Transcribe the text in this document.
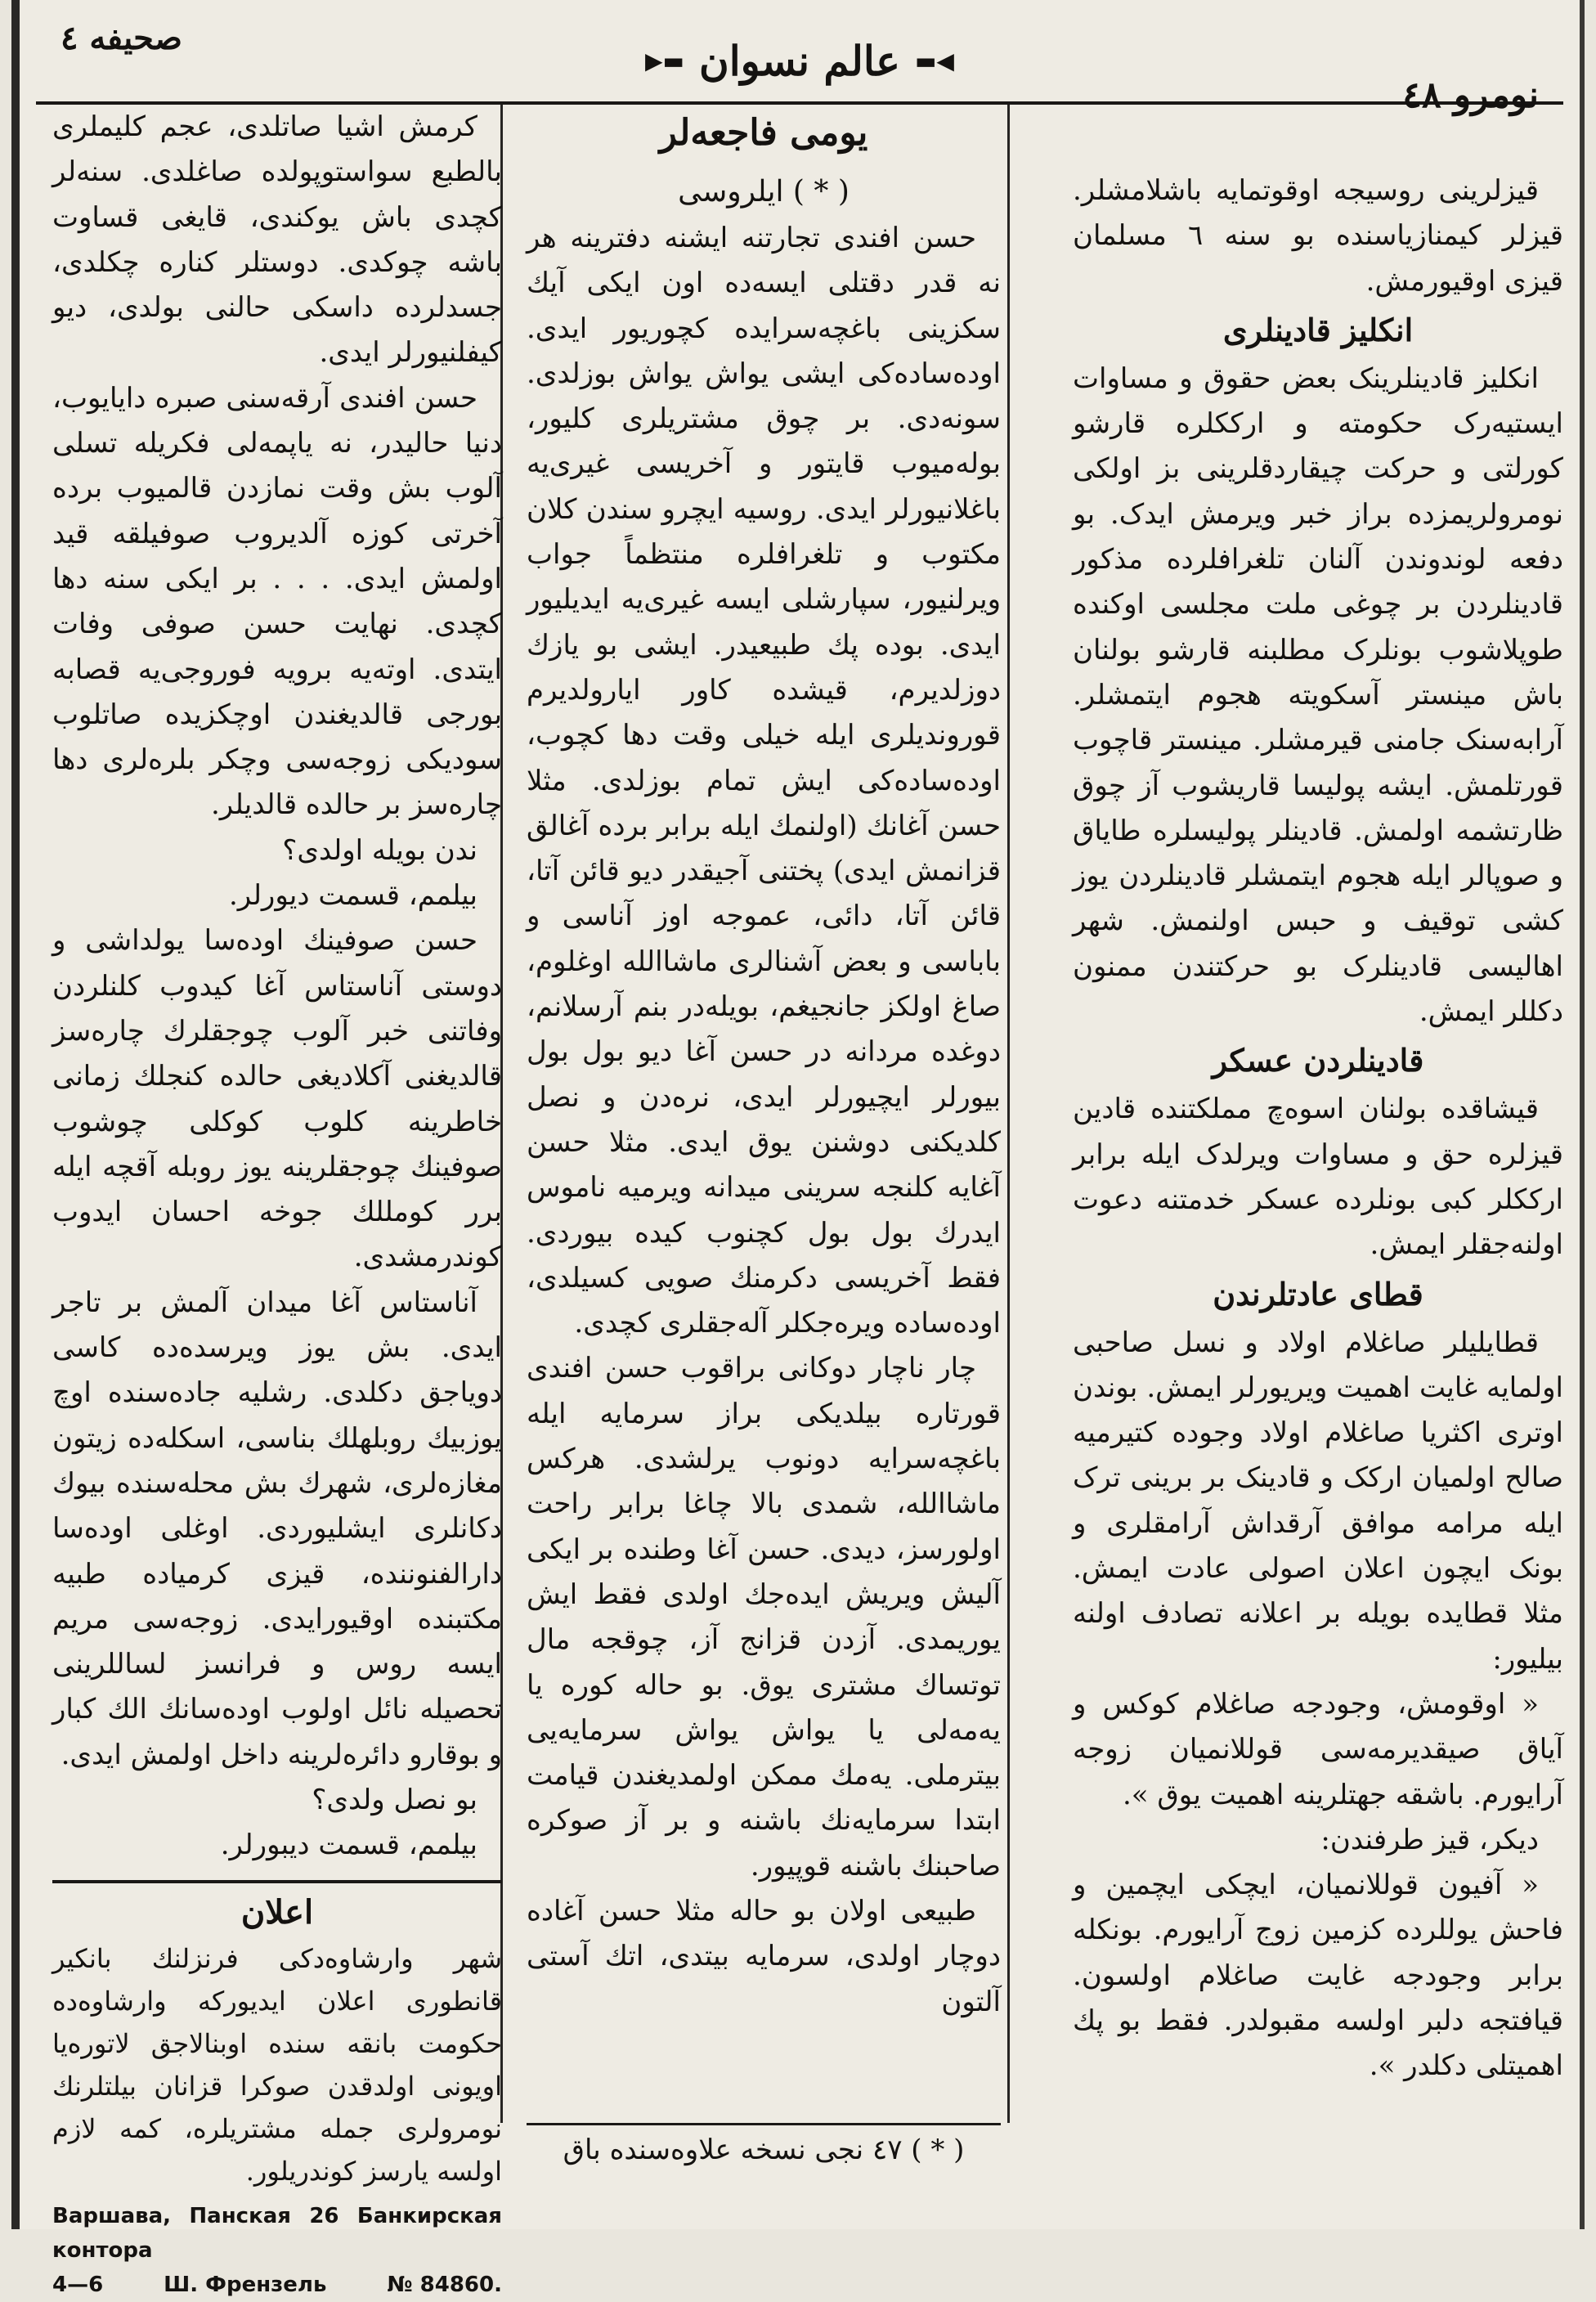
نومرو ٤٨
◀▬
عالم نسوان
▬▶
صحیفه ٤

قیزلرینی روسیجه اوقوتمایه باشلامشلر. قیزلر کیمنازیاسنده بو سنه ٦ مسلمان قیزی اوقیورمش.

انکلیز قادینلری

انکلیز قادینلرینک بعض حقوق و مساوات ایستیه‌رک حکومته و ارککلره قارشو کورلتی و حرکت چیقاردقلرینی بز اولکی نومرولریمزده براز خبر ویرمش ایدک. بو دفعه لوندوندن آلنان تلغرافلرده مذکور قادینلردن بر چوغی ملت مجلسی اوکنده طوپلاشوب بونلرک مطلبنه قارشو بولنان باش مینستر آسکویته هجوم ایتمشلر. آرابه‌سنک جامنی قیرمشلر. مینستر قاچوب قورتلمش. ایشه پولیسا قاریشوب آز چوق ظارتشمه اولمش. قادینلر پولیسلره طایاق و صوپالر ایله هجوم ایتمشلر قادینلردن یوز کشی توقیف و حبس اولنمش. شهر اهالیسی قادینلرک بو حرکتندن ممنون دکللر ایمش.

قادینلردن عسکر

قیشاقده بولنان اسوه‌چ مملکتنده قادین قیزلره حق و مساوات ویرلدک ایله برابر ارککلر کبی بونلرده عسکر خدمتنه دعوت اولنه‌جقلر ایمش.

قطای عادتلرندن

قطایلیلر صاغلام اولاد و نسل صاحبی اولمایه غایت اهمیت ویریورلر ایمش. بوندن اوتری اکثریا صاغلام اولاد وجوده کتیرمیه صالح اولمیان ارکک و قادینک بر برینی ترک ایله مرامه موافق آرقداش آرامقلری و بونک ایچون اعلان اصولی عادت ایمش. مثلا قطایده بویله بر اعلانه تصادف اولنه بیلیور:

« اوقومش، وجودجه صاغلام کوکس و آیاق صیقدیرمه‌سی قوللانمیان زوجه آرایورم. باشقه جهتلرینه اهمیت یوق ».

دیکر، قیز طرفندن:

« آفیون قوللانمیان، ایچکی ایچمین و فاحش یوللرده کزمین زوج آرایورم. بونکله برابر وجودجه غایت صاغلام اولسون. قیافتجه دلبر اولسه مقبولدر. فقط بو پك اهمیتلی دکلدر ».

یومی فاجعه‌لر
( * ) ایلروسی

حسن افندی تجارتنه ایشنه دفترینه هر نه قدر دقتلی ایسه‌ده اون ایکی آیك سکزینی باغچه‌سرایده کچوریور ایدی. اوده‌ساده‌کی ایشی یواش یواش بوزلدی. سونه‌دی. بر چوق مشتریلری کلیور، بوله‌میوب قایتور و آخریسی غیری‌یه باغلانیورلر ایدی. روسیه ایچرو سندن کلان مکتوب و تلغرافلره منتظماً جواب ویرلنیور، سپارشلی ایسه غیری‌یه ایدیلیور ایدی. بوده پك طبیعیدر. ایشی بو یازك دوزلدیرم، قیشده کاور ایارولدیرم قوروندیلری ایله خیلی وقت دها کچوب، اوده‌ساده‌کی ایش تمام بوزلدی. مثلا حسن آغانك (اولنمك ایله برابر برده آغالق قزانمش ایدی) پختنی آجیقدر دیو قائن آتا، قائن آتا، دائی، عموجه اوز آناسی و باباسی و بعض آشنالری ماشاالله اوغلوم، صاغ اولکز جانجیغم، بویله‌در بنم آرسلانم، دوغده مردانه در حسن آغا دیو بول بول بیورلر ایچیورلر ایدی، نره‌دن و نصل کلدیکنی دوشنن یوق ایدی. مثلا حسن آغایه کلنجه سرینی میدانه ویرمیه ناموس ایدرك بول بول کچنوب کیده بیوردی. فقط آخریسی دکرمنك صویی کسیلدی، اوده‌ساده ویره‌جکلر آله‌جقلری کچدی.

چار ناچار دوکانی براقوب حسن افندی قورتاره بیلدیکی براز سرمایه ایله باغچه‌سرایه دونوب یرلشدی. هرکس ماشاالله، شمدی بالا چاغا برابر راحت اولورسز، دیدی. حسن آغا وطنده بر ایکی آلیش ویریش ایده‌جك اولدی فقط ایش یوریمدی. آزدن قزانج آز، چوقجه مال توتساك مشتری یوق. بو حاله کوره یا یه‌مه‌لی یا یواش یواش سرمایه‌یی بیترملی. یه‌مك ممکن اولمدیغندن قیامت ابتدا سرمایه‌نك باشنه و بر آز صوکره صاحبنك باشنه قوپیور.

طبیعی اولان بو حاله مثلا حسن آغاده دوچار اولدی، سرمایه بیتدی، اتك آستی آلتون

( * ) ٤٧ نجی نسخه علاوه‌سنده باق

کرمش اشیا صاتلدی، عجم کلیملری بالطبع سواستوپولده صاغلدی. سنه‌لر کچدی باش یوکندی، قایغی قساوت باشه چوکدی. دوستلر کناره چکلدی، جسدلرده داسکی حالنی بولدی، دیو کیفلنیورلر ایدی.

حسن افندی آرقه‌سنی صبره دایایوب، دنیا حالیدر، نه یاپمه‌لی فکریله تسلی آلوب بش وقت نمازدن قالمیوب برده آخرتی کوزه آلدیروب صوفیلقه قید اولمش ایدی. . . . بر ایکی سنه دها کچدی. نهایت حسن صوفی وفات ایتدی. اوته‌یه برویه فوروجی‌یه قصابه بورجی قالدیغندن اوچکزیده صاتلوب سودیکی زوجه‌سی وچکر بلره‌لری دها چاره‌سز بر حالده قالدیلر.

ندن بویله اولدی؟

بیلمم، قسمت دیورلر.

حسن صوفینك اوده‌سا یولداشی و دوستی آناستاس آغا کیدوب کلنلردن وفاتنی خبر آلوب چوجقلرك چاره‌سز قالدیغنی آکلادیغی حالده کنجلك زمانی خاطرینه کلوب کوکلی چوشوب صوفینك چوجقلرینه یوز روبله آقچه ایله برر کومللك جوخه احسان ایدوب کوندرمشدی.

آناستاس آغا میدان آلمش بر تاجر ایدی. بش یوز ویرسده‌ده کاسی دویاجق دکلدی. رشلیه جاده‌سنده اوچ یوزبیك روبلهلك بناسی، اسکله‌ده زیتون مغازه‌لری، شهرك بش محله‌سنده بیوك دکانلری ایشلیوردی. اوغلی اوده‌سا دارالفنوننده، قیزی کرمیاده طبیه مکتبنده اوقیورایدی. زوجه‌سی مریم ایسه روس و فرانسز لساللرینی تحصیله نائل اولوب اوده‌سانك الك کبار و بوقارو دائره‌لرینه داخل اولمش ایدی.

بو نصل ولدی؟

بیلمم، قسمت دیبورلر.

اعلان
شهر وارشاوه‌دکی فرنزلنك بانکیر قانطوری اعلان ایدیورکه وارشاوه‌ده حکومت بانقه سنده اوبنالاجق لاتوره‌یا اویونی اولدقدن صوکرا قزانان بیلتلرنك نومرولری جمله مشتریلره، کمه لازم اولسه یارسز کوندریلور.
Варшава, Панская 26 Банкирская контора
4—6	Ш. Френзель	№ 84860.
